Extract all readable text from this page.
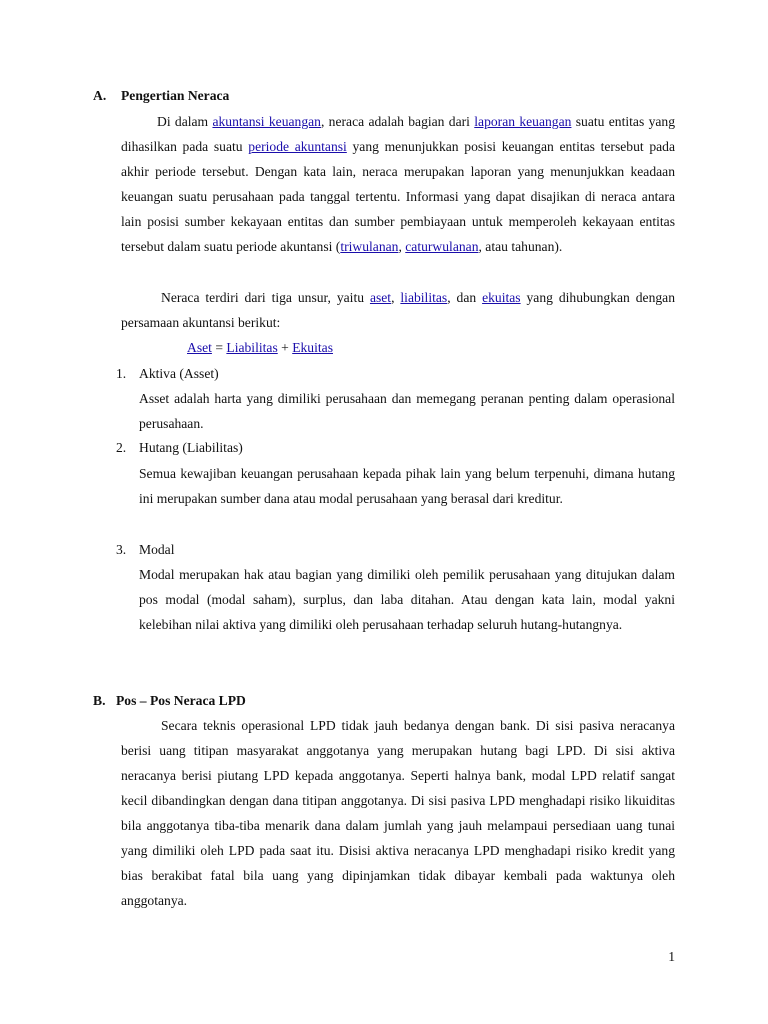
A. Pengertian Neraca

Di dalam akuntansi keuangan, neraca adalah bagian dari laporan keuangan suatu entitas yang dihasilkan pada suatu periode akuntansi yang menunjukkan posisi keuangan entitas tersebut pada akhir periode tersebut. Dengan kata lain, neraca merupakan laporan yang menunjukkan keadaan keuangan suatu perusahaan pada tanggal tertentu. Informasi yang dapat disajikan di neraca antara lain posisi sumber kekayaan entitas dan sumber pembiayaan untuk memperoleh kekayaan entitas tersebut dalam suatu periode akuntansi (triwulanan, caturwulanan, atau tahunan).

Neraca terdiri dari tiga unsur, yaitu aset, liabilitas, dan ekuitas yang dihubungkan dengan persamaan akuntansi berikut:

Aset = Liabilitas + Ekuitas

1. Aktiva (Asset)

Asset adalah harta yang dimiliki perusahaan dan memegang peranan penting dalam operasional perusahaan.

2. Hutang (Liabilitas)

Semua kewajiban keuangan perusahaan kepada pihak lain yang belum terpenuhi, dimana hutang ini merupakan sumber dana atau modal perusahaan yang berasal dari kreditur.

3. Modal

Modal merupakan hak atau bagian yang dimiliki oleh pemilik perusahaan yang ditujukan dalam pos modal (modal saham), surplus, dan laba ditahan. Atau dengan kata lain, modal yakni kelebihan nilai aktiva yang dimiliki oleh perusahaan terhadap seluruh hutang-hutangnya.

B. Pos – Pos Neraca LPD

Secara teknis operasional LPD tidak jauh bedanya dengan bank. Di sisi pasiva neracanya berisi uang titipan masyarakat anggotanya yang merupakan hutang bagi LPD. Di sisi aktiva neracanya berisi piutang LPD kepada anggotanya. Seperti halnya bank, modal LPD relatif sangat kecil dibandingkan dengan dana titipan anggotanya. Di sisi pasiva LPD menghadapi risiko likuiditas bila anggotanya tiba-tiba menarik dana dalam jumlah yang jauh melampaui persediaan uang tunai yang dimiliki oleh LPD pada saat itu. Disisi aktiva neracanya LPD menghadapi risiko kredit yang bias berakibat fatal bila uang yang dipinjamkan tidak dibayar kembali pada waktunya oleh anggotanya.

1
